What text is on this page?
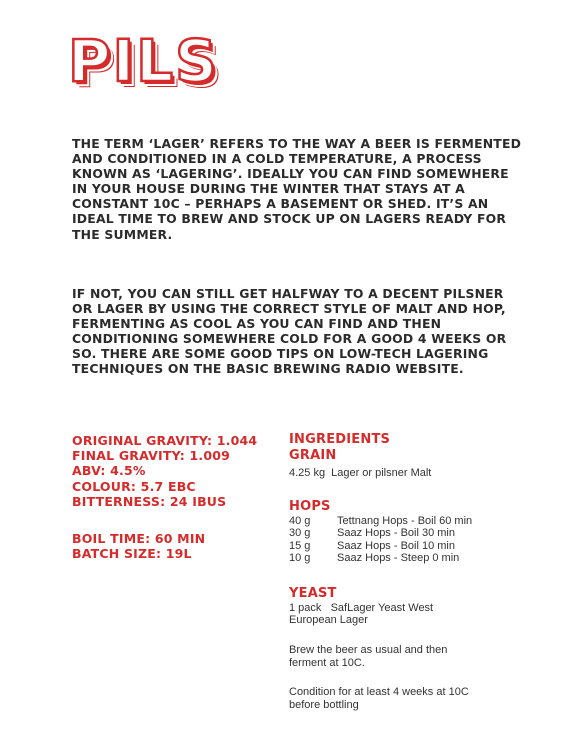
PILS

THE TERM ‘LAGER’ REFERS TO THE WAY A BEER IS FERMENTED AND CONDITIONED IN A COLD TEMPERATURE, A PROCESS KNOWN AS ‘LAGERING’. IDEALLY YOU CAN FIND SOMEWHERE IN YOUR HOUSE DURING THE WINTER THAT STAYS AT A CONSTANT 10C – PERHAPS A BASEMENT OR SHED. IT’S AN IDEAL TIME TO BREW AND STOCK UP ON LAGERS READY FOR THE SUMMER.

IF NOT, YOU CAN STILL GET HALFWAY TO A DECENT PILSNER OR LAGER BY USING THE CORRECT STYLE OF MALT AND HOP, FERMENTING AS COOL AS YOU CAN FIND AND THEN CONDITIONING SOMEWHERE COLD FOR A GOOD 4 WEEKS OR SO. THERE ARE SOME GOOD TIPS ON LOW-TECH LAGERING TECHNIQUES ON THE BASIC BREWING RADIO WEBSITE.

ORIGINAL GRAVITY: 1.044
FINAL GRAVITY: 1.009
ABV: 4.5%
COLOUR: 5.7 EBC
BITTERNESS: 24 IBUS
BOIL TIME: 60 MIN
BATCH SIZE: 19L
INGREDIENTS
GRAIN
4.25 kg Lager or pilsner Malt
HOPS
40 g	Tettnang Hops - Boil 60 min
30 g	Saaz Hops - Boil 30 min
15 g	Saaz Hops - Boil 10 min
10 g	Saaz Hops - Steep 0 min
YEAST
1 pack   SafLager Yeast West European Lager

Brew the beer as usual and then ferment at 10C.

Condition for at least 4 weeks at 10C before bottling
